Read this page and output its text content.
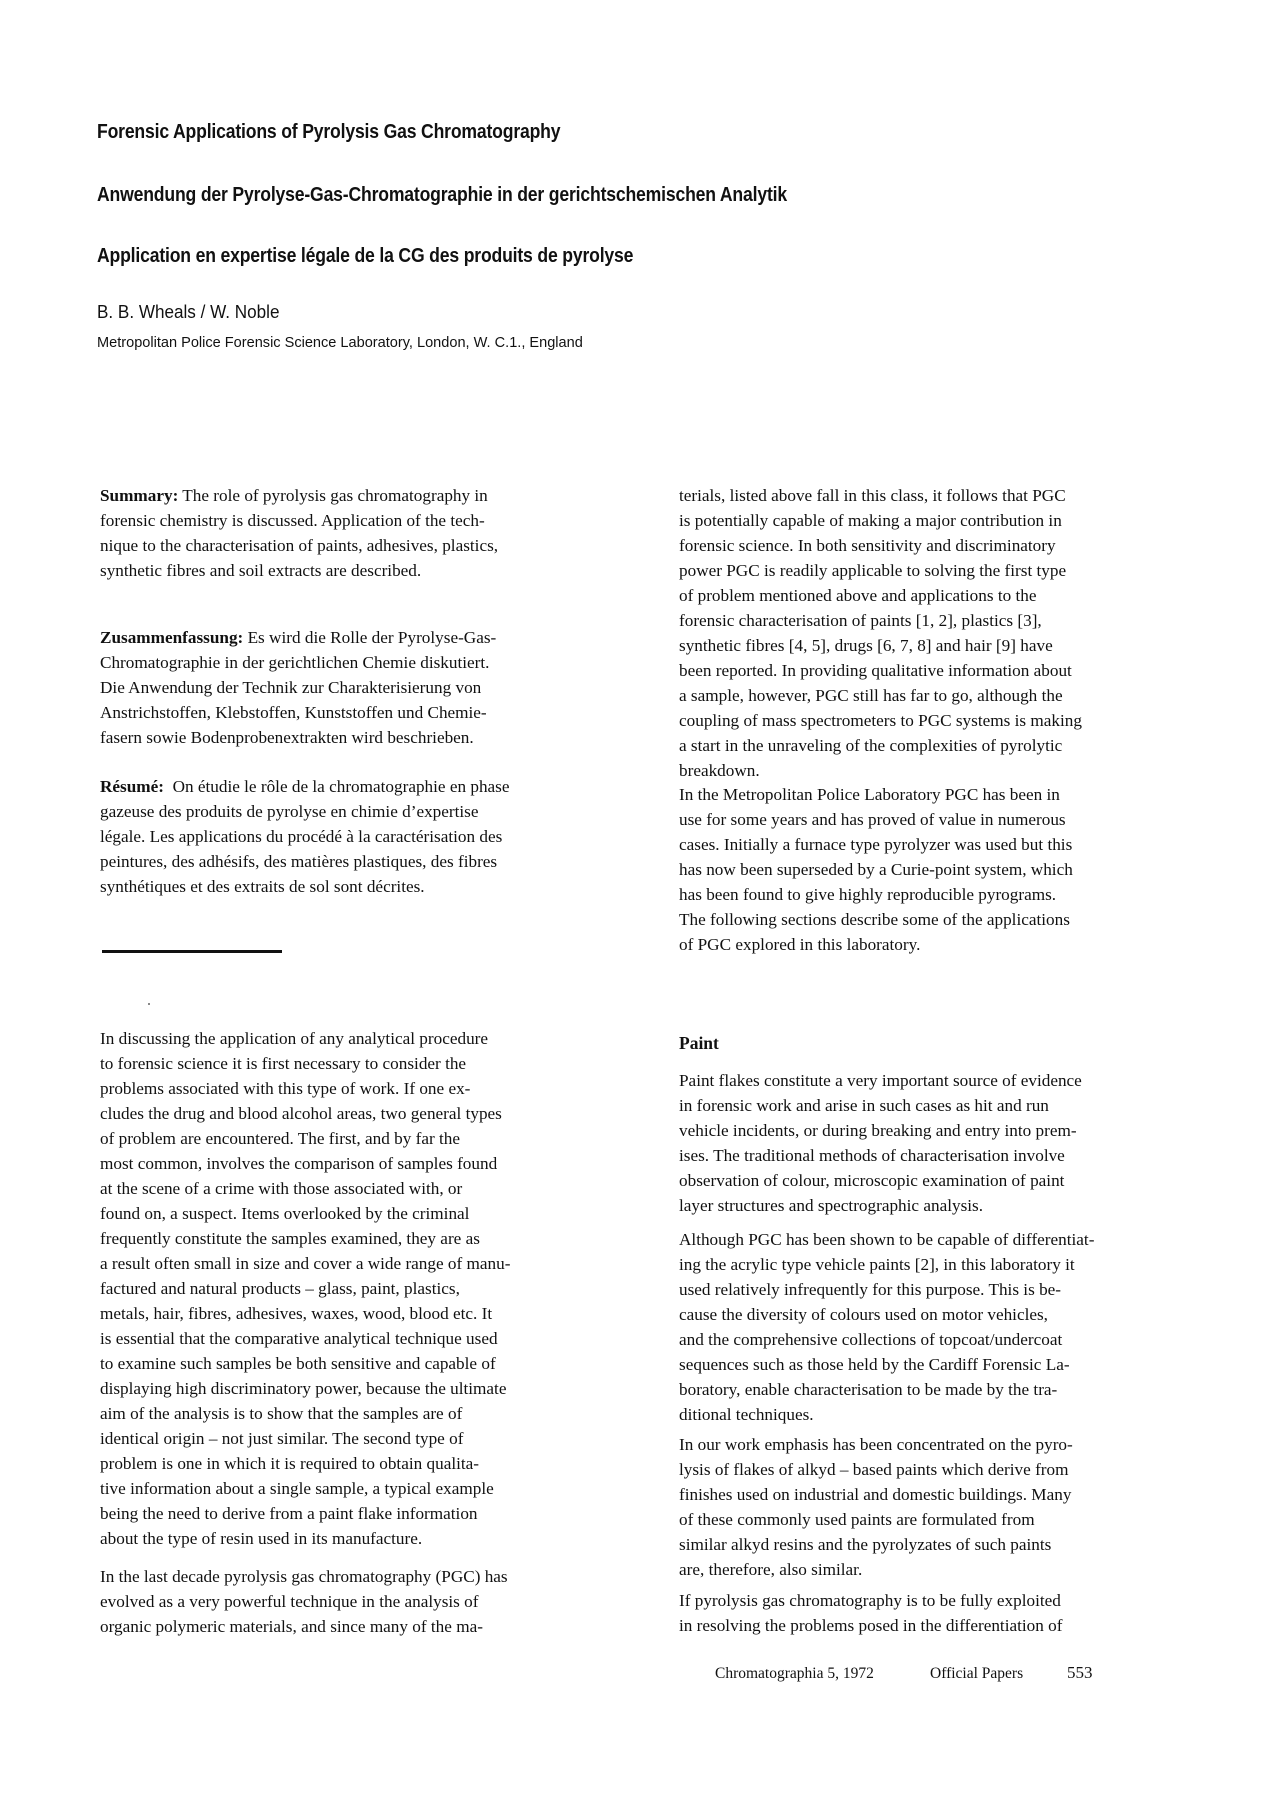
Forensic Applications of Pyrolysis Gas Chromatography
Anwendung der Pyrolyse-Gas-Chromatographie in der gerichtschemischen Analytik
Application en expertise légale de la CG des produits de pyrolyse
B. B. Wheals / W. Noble
Metropolitan Police Forensic Science Laboratory, London, W. C.1., England
Summary: The role of pyrolysis gas chromatography in
forensic chemistry is discussed. Application of the tech-
nique to the characterisation of paints, adhesives, plastics,
synthetic fibres and soil extracts are described.
Zusammenfassung: Es wird die Rolle der Pyrolyse-Gas-
Chromatographie in der gerichtlichen Chemie diskutiert.
Die Anwendung der Technik zur Charakterisierung von
Anstrichstoffen, Klebstoffen, Kunststoffen und Chemie-
fasern sowie Bodenprobenextrakten wird beschrieben.
Résumé:  On étudie le rôle de la chromatographie en phase
gazeuse des produits de pyrolyse en chimie d’expertise
légale. Les applications du procédé à la caractérisation des
peintures, des adhésifs, des matières plastiques, des fibres
synthétiques et des extraits de sol sont décrites.
terials, listed above fall in this class, it follows that PGC
is potentially capable of making a major contribution in
forensic science. In both sensitivity and discriminatory
power PGC is readily applicable to solving the first type
of problem mentioned above and applications to the
forensic characterisation of paints [1, 2], plastics [3],
synthetic fibres [4, 5], drugs [6, 7, 8] and hair [9] have
been reported. In providing qualitative information about
a sample, however, PGC still has far to go, although the
coupling of mass spectrometers to PGC systems is making
a start in the unraveling of the complexities of pyrolytic
breakdown.
In the Metropolitan Police Laboratory PGC has been in
use for some years and has proved of value in numerous
cases. Initially a furnace type pyrolyzer was used but this
has now been superseded by a Curie-point system, which
has been found to give highly reproducible pyrograms.
The following sections describe some of the applications
of PGC explored in this laboratory.
In discussing the application of any analytical procedure
to forensic science it is first necessary to consider the
problems associated with this type of work. If one ex-
cludes the drug and blood alcohol areas, two general types
of problem are encountered. The first, and by far the
most common, involves the comparison of samples found
at the scene of a crime with those associated with, or
found on, a suspect. Items overlooked by the criminal
frequently constitute the samples examined, they are as
a result often small in size and cover a wide range of manu-
factured and natural products – glass, paint, plastics,
metals, hair, fibres, adhesives, waxes, wood, blood etc. It
is essential that the comparative analytical technique used
to examine such samples be both sensitive and capable of
displaying high discriminatory power, because the ultimate
aim of the analysis is to show that the samples are of
identical origin – not just similar. The second type of
problem is one in which it is required to obtain qualita-
tive information about a single sample, a typical example
being the need to derive from a paint flake information
about the type of resin used in its manufacture.
In the last decade pyrolysis gas chromatography (PGC) has
evolved as a very powerful technique in the analysis of
organic polymeric materials, and since many of the ma-
Paint
Paint flakes constitute a very important source of evidence
in forensic work and arise in such cases as hit and run
vehicle incidents, or during breaking and entry into prem-
ises. The traditional methods of characterisation involve
observation of colour, microscopic examination of paint
layer structures and spectrographic analysis.
Although PGC has been shown to be capable of differentiat-
ing the acrylic type vehicle paints [2], in this laboratory it
used relatively infrequently for this purpose. This is be-
cause the diversity of colours used on motor vehicles,
and the comprehensive collections of topcoat/undercoat
sequences such as those held by the Cardiff Forensic La-
boratory, enable characterisation to be made by the tra-
ditional techniques.
In our work emphasis has been concentrated on the pyro-
lysis of flakes of alkyd – based paints which derive from
finishes used on industrial and domestic buildings. Many
of these commonly used paints are formulated from
similar alkyd resins and the pyrolyzates of such paints
are, therefore, also similar.
If pyrolysis gas chromatography is to be fully exploited
in resolving the problems posed in the differentiation of
Chromatographia 5, 1972	Official Papers	553
